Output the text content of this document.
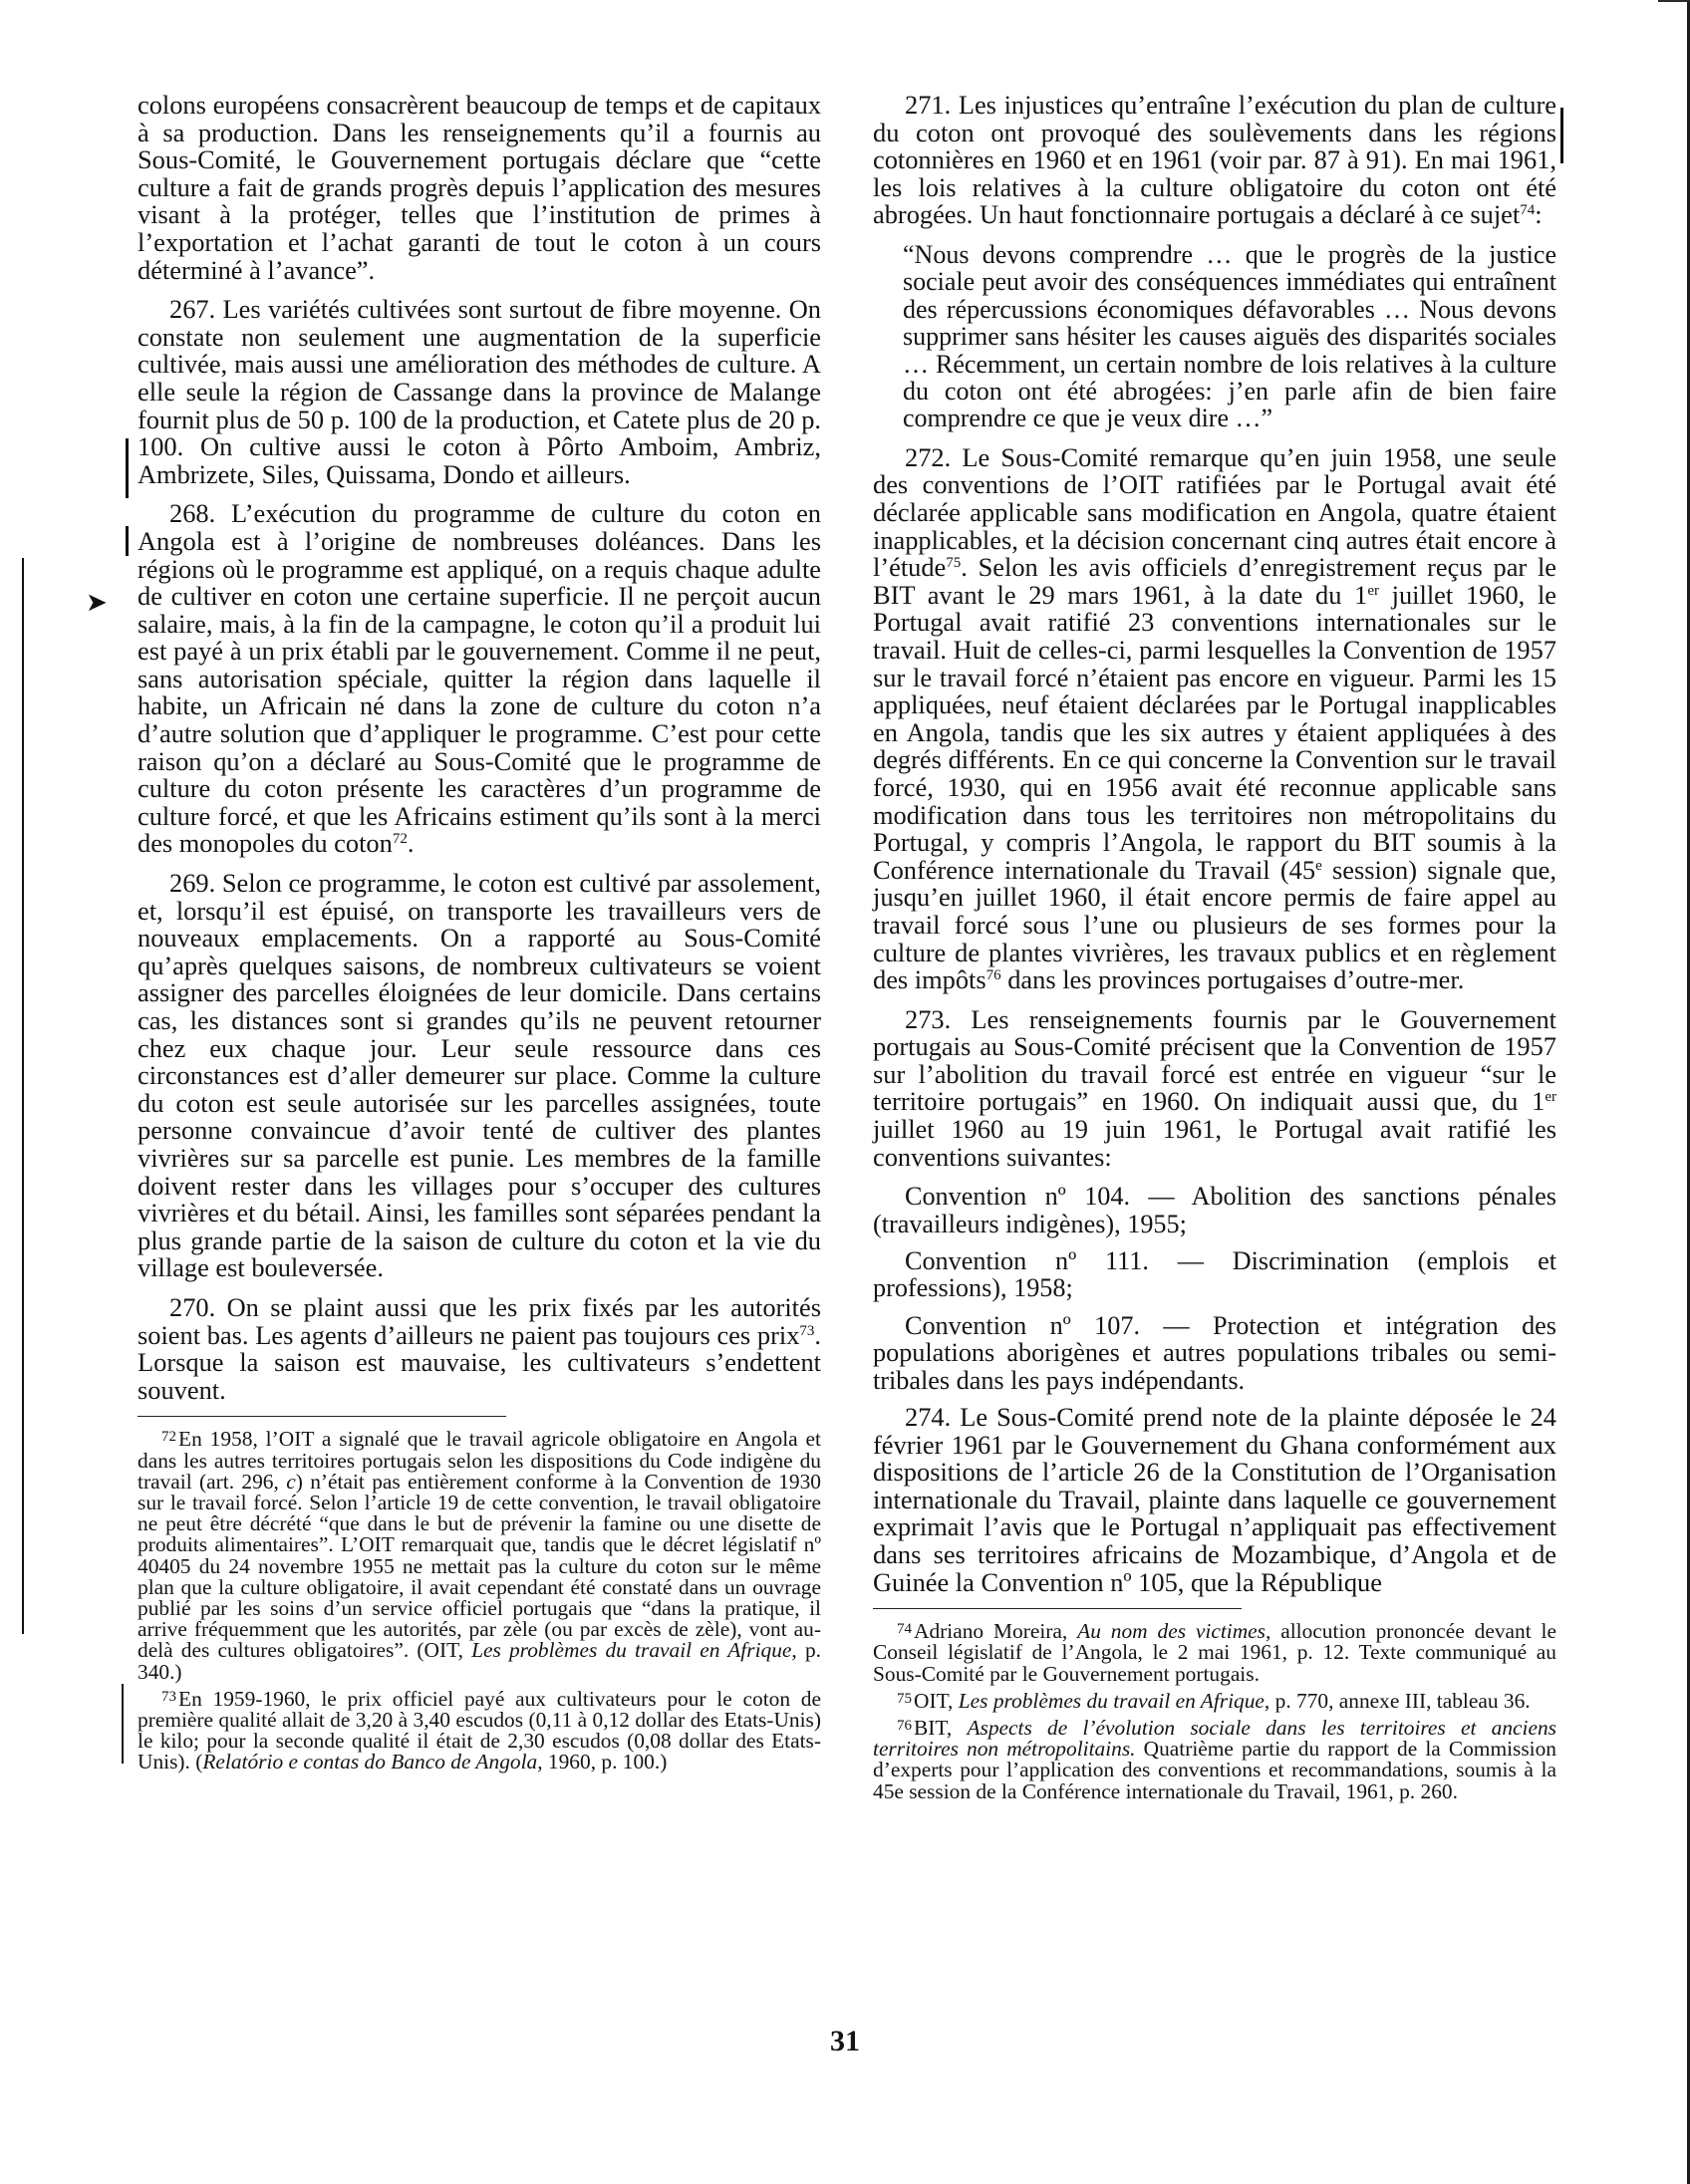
➤

colons européens consacrèrent beaucoup de temps et de capitaux à sa production. Dans les renseignements qu’il a fournis au Sous-Comité, le Gouvernement portugais déclare que “cette culture a fait de grands progrès depuis l’application des mesures visant à la protéger, telles que l’institution de primes à l’exportation et l’achat garanti de tout le coton à un cours déterminé à l’avance”.

267. Les variétés cultivées sont surtout de fibre moyenne. On constate non seulement une augmentation de la superficie cultivée, mais aussi une amélioration des méthodes de culture. A elle seule la région de Cassange dans la province de Malange fournit plus de 50 p. 100 de la production, et Catete plus de 20 p. 100. On cultive aussi le coton à Pôrto Amboim, Ambriz, Ambrizete, Siles, Quissama, Dondo et ailleurs.

268. L’exécution du programme de culture du coton en Angola est à l’origine de nombreuses doléances. Dans les régions où le programme est appliqué, on a requis chaque adulte de cultiver en coton une certaine superficie. Il ne perçoit aucun salaire, mais, à la fin de la campagne, le coton qu’il a produit lui est payé à un prix établi par le gouvernement. Comme il ne peut, sans autorisation spéciale, quitter la région dans laquelle il habite, un Africain né dans la zone de culture du coton n’a d’autre solution que d’appliquer le programme. C’est pour cette raison qu’on a déclaré au Sous-Comité que le programme de culture du coton présente les caractères d’un programme de culture forcé, et que les Africains estiment qu’ils sont à la merci des monopoles du coton$^{72}$.

269. Selon ce programme, le coton est cultivé par assolement, et, lorsqu’il est épuisé, on transporte les travailleurs vers de nouveaux emplacements. On a rapporté au Sous-Comité qu’après quelques saisons, de nombreux cultivateurs se voient assigner des parcelles éloignées de leur domicile. Dans certains cas, les distances sont si grandes qu’ils ne peuvent retourner chez eux chaque jour. Leur seule ressource dans ces circonstances est d’aller demeurer sur place. Comme la culture du coton est seule autorisée sur les parcelles assignées, toute personne convaincue d’avoir tenté de cultiver des plantes vivrières sur sa parcelle est punie. Les membres de la famille doivent rester dans les villages pour s’occuper des cultures vivrières et du bétail. Ainsi, les familles sont séparées pendant la plus grande partie de la saison de culture du coton et la vie du village est bouleversée.

270. On se plaint aussi que les prix fixés par les autorités soient bas. Les agents d’ailleurs ne paient pas toujours ces prix$^{73}$. Lorsque la saison est mauvaise, les cultivateurs s’endettent souvent.

$^{72}$En 1958, l’OIT a signalé que le travail agricole obligatoire en Angola et dans les autres territoires portugais selon les dispositions du Code indigène du travail (art. 296, c) n’était pas entièrement conforme à la Convention de 1930 sur le travail forcé. Selon l’article 19 de cette convention, le travail obligatoire ne peut être décrété “que dans le but de prévenir la famine ou une disette de produits alimentaires”. L’OIT remarquait que, tandis que le décret législatif nº 40405 du 24 novembre 1955 ne mettait pas la culture du coton sur le même plan que la culture obligatoire, il avait cependant été constaté dans un ouvrage publié par les soins d’un service officiel portugais que “dans la pratique, il arrive fréquemment que les autorités, par zèle (ou par excès de zèle), vont au-delà des cultures obligatoires”. (OIT, Les problèmes du travail en Afrique, p. 340.)

$^{73}$En 1959-1960, le prix officiel payé aux cultivateurs pour le coton de première qualité allait de 3,20 à 3,40 escudos (0,11 à 0,12 dollar des Etats-Unis) le kilo; pour la seconde qualité il était de 2,30 escudos (0,08 dollar des Etats-Unis). (Relatório e contas do Banco de Angola, 1960, p. 100.)

271. Les injustices qu’entraîne l’exécution du plan de culture du coton ont provoqué des soulèvements dans les régions cotonnières en 1960 et en 1961 (voir par. 87 à 91). En mai 1961, les lois relatives à la culture obligatoire du coton ont été abrogées. Un haut fonctionnaire portugais a déclaré à ce sujet$^{74}$:

“Nous devons comprendre … que le progrès de la justice sociale peut avoir des conséquences immédiates qui entraînent des répercussions économiques défavorables … Nous devons supprimer sans hésiter les causes aiguës des disparités sociales … Récemment, un certain nombre de lois relatives à la culture du coton ont été abrogées: j’en parle afin de bien faire comprendre ce que je veux dire …”

272. Le Sous-Comité remarque qu’en juin 1958, une seule des conventions de l’OIT ratifiées par le Portugal avait été déclarée applicable sans modification en Angola, quatre étaient inapplicables, et la décision concernant cinq autres était encore à l’étude$^{75}$. Selon les avis officiels d’enregistrement reçus par le BIT avant le 29 mars 1961, à la date du 1er juillet 1960, le Portugal avait ratifié 23 conventions internationales sur le travail. Huit de celles-ci, parmi lesquelles la Convention de 1957 sur le travail forcé n’étaient pas encore en vigueur. Parmi les 15 appliquées, neuf étaient déclarées par le Portugal inapplicables en Angola, tandis que les six autres y étaient appliquées à des degrés différents. En ce qui concerne la Convention sur le travail forcé, 1930, qui en 1956 avait été reconnue applicable sans modification dans tous les territoires non métropolitains du Portugal, y compris l’Angola, le rapport du BIT soumis à la Conférence internationale du Travail (45e session) signale que, jusqu’en juillet 1960, il était encore permis de faire appel au travail forcé sous l’une ou plusieurs de ses formes pour la culture de plantes vivrières, les travaux publics et en règlement des impôts$^{76}$ dans les provinces portugaises d’outre-mer.

273. Les renseignements fournis par le Gouvernement portugais au Sous-Comité précisent que la Convention de 1957 sur l’abolition du travail forcé est entrée en vigueur “sur le territoire portugais” en 1960. On indiquait aussi que, du 1er juillet 1960 au 19 juin 1961, le Portugal avait ratifié les conventions suivantes:

Convention nº 104. — Abolition des sanctions pénales (travailleurs indigènes), 1955;

Convention nº 111. — Discrimination (emplois et professions), 1958;

Convention nº 107. — Protection et intégration des populations aborigènes et autres populations tribales ou semi-tribales dans les pays indépendants.

274. Le Sous-Comité prend note de la plainte déposée le 24 février 1961 par le Gouvernement du Ghana conformément aux dispositions de l’article 26 de la Constitution de l’Organisation internationale du Travail, plainte dans laquelle ce gouvernement exprimait l’avis que le Portugal n’appliquait pas effectivement dans ses territoires africains de Mozambique, d’Angola et de Guinée la Convention nº 105, que la République

$^{74}$Adriano Moreira, Au nom des victimes, allocution prononcée devant le Conseil législatif de l’Angola, le 2 mai 1961, p. 12. Texte communiqué au Sous-Comité par le Gouvernement portugais.

$^{75}$OIT, Les problèmes du travail en Afrique, p. 770, annexe III, tableau 36.

$^{76}$BIT, Aspects de l’évolution sociale dans les territoires et anciens territoires non métropolitains. Quatrième partie du rapport de la Commission d’experts pour l’application des conventions et recommandations, soumis à la 45e session de la Conférence internationale du Travail, 1961, p. 260.

31
